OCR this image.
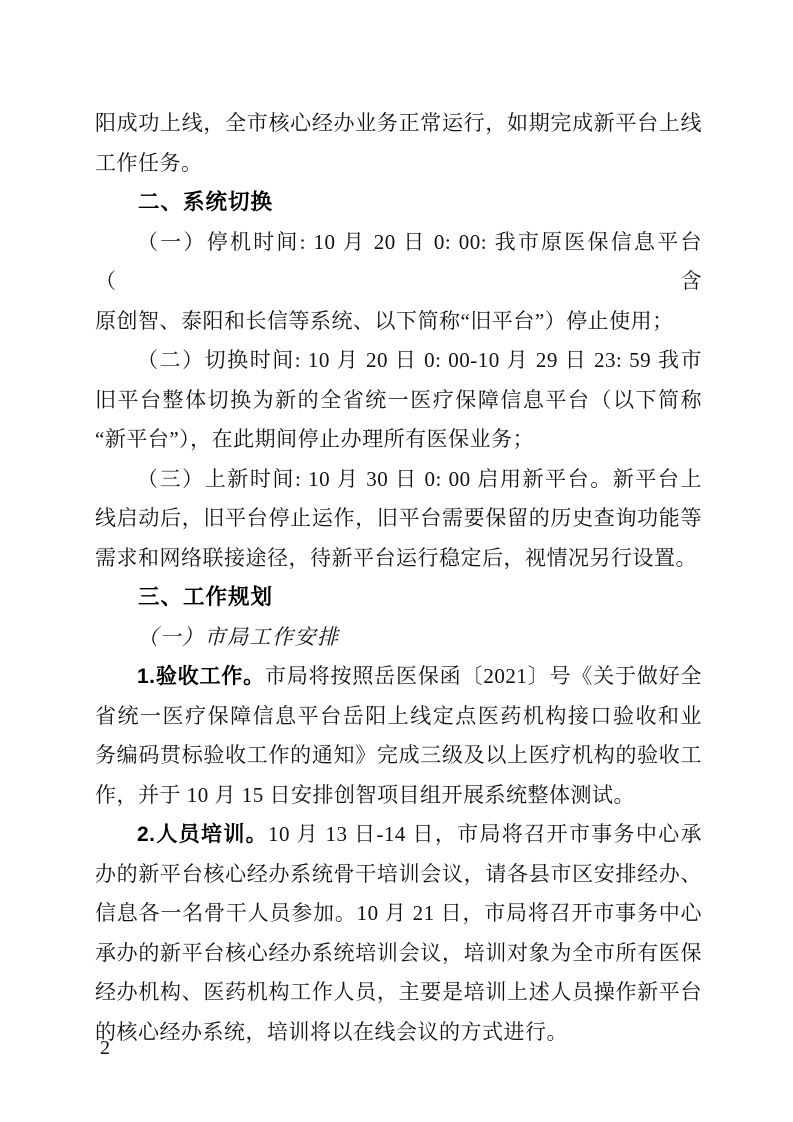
阳成功上线，全市核心经办业务正常运行，如期完成新平台上线
工作任务。
二、系统切换
（一）停机时间: 10 月 20 日 0: 00: 我市原医保信息平台（含
原创智、泰阳和长信等系统、以下简称“旧平台”）停止使用；
（二）切换时间: 10 月 20 日 0: 00-10 月 29 日 23: 59 我市
旧平台整体切换为新的全省统一医疗保障信息平台（以下简称
“新平台”），在此期间停止办理所有医保业务；
（三）上新时间: 10 月 30 日 0: 00 启用新平台。新平台上
线启动后，旧平台停止运作，旧平台需要保留的历史查询功能等
需求和网络联接途径，待新平台运行稳定后，视情况另行设置。
三、工作规划
（一）市局工作安排
1.验收工作。市局将按照岳医保函〔2021〕号《关于做好全
省统一医疗保障信息平台岳阳上线定点医药机构接口验收和业
务编码贯标验收工作的通知》完成三级及以上医疗机构的验收工
作，并于 10 月 15 日安排创智项目组开展系统整体测试。
2.人员培训。10 月 13 日-14 日，市局将召开市事务中心承
办的新平台核心经办系统骨干培训会议，请各县市区安排经办、
信息各一名骨干人员参加。10 月 21 日，市局将召开市事务中心
承办的新平台核心经办系统培训会议，培训对象为全市所有医保
经办机构、医药机构工作人员，主要是培训上述人员操作新平台
的核心经办系统，培训将以在线会议的方式进行。
2
